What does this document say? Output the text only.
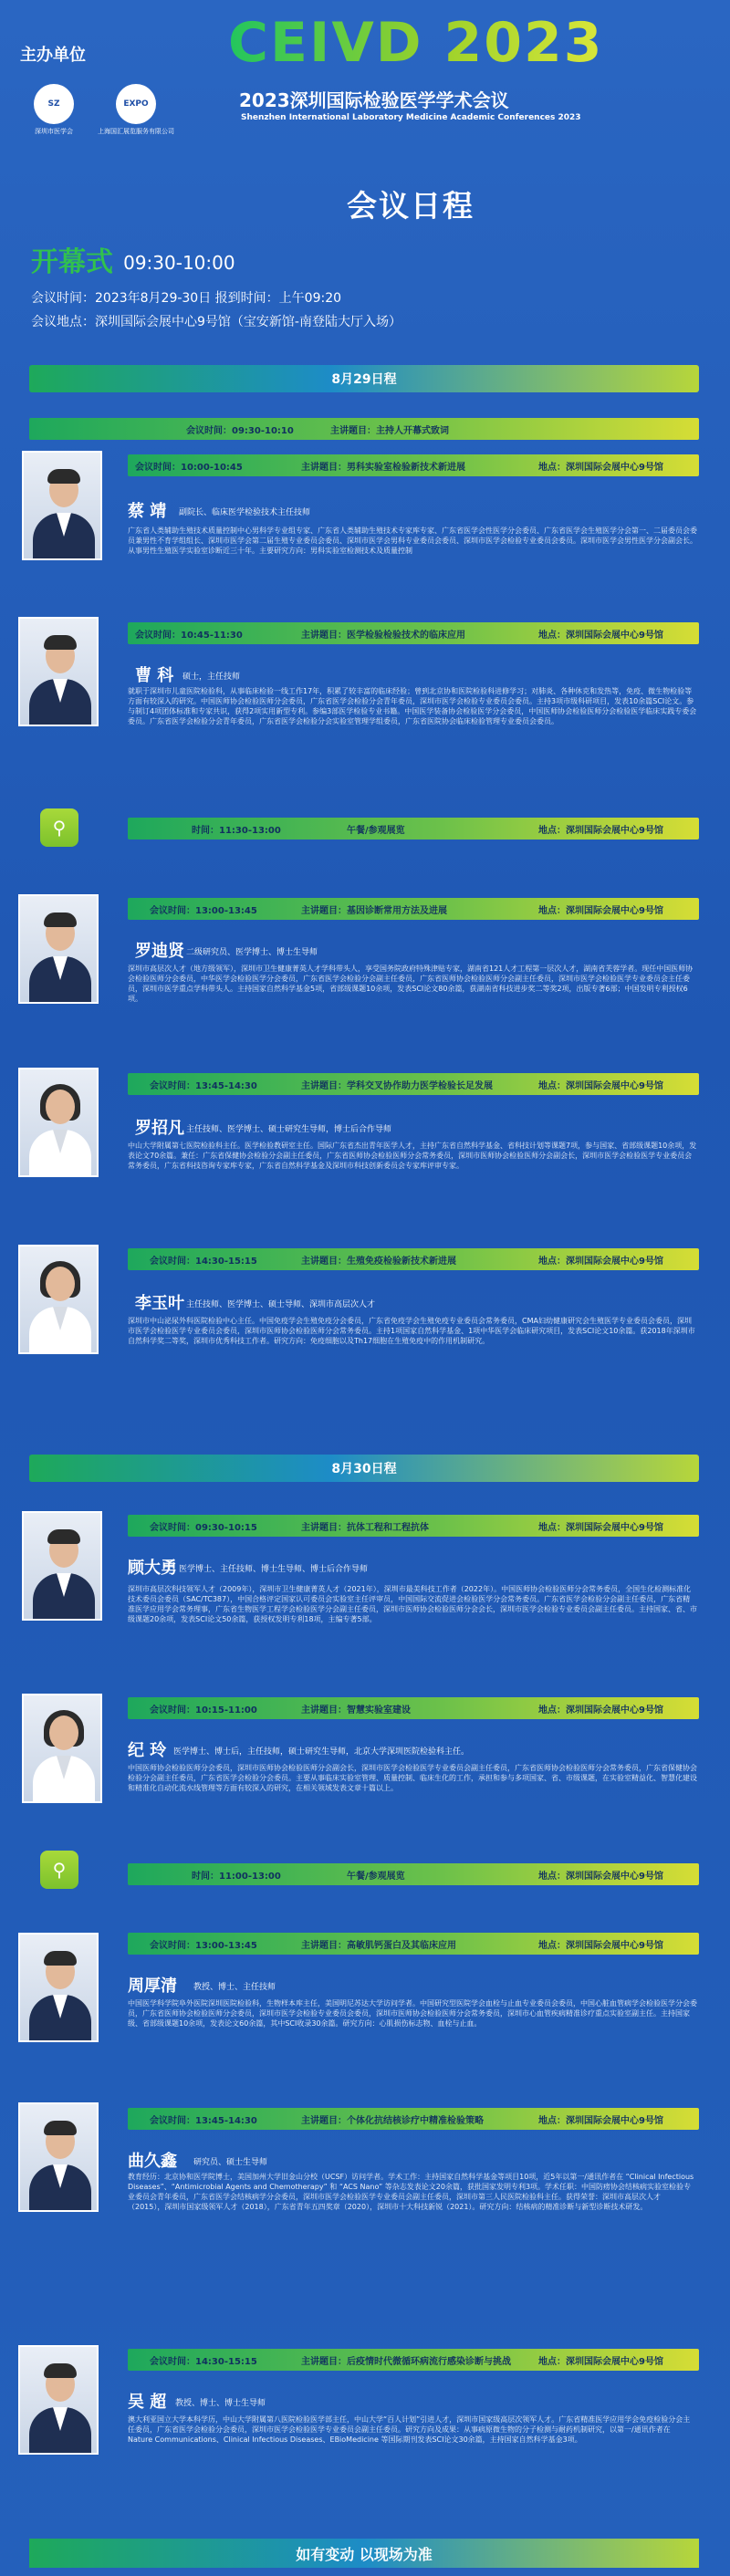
主办单位
SZ
深圳市医学会
EXPO
上海国汇展览服务有限公司
CEIVD 2023
2023深圳国际检验医学学术会议
Shenzhen International Laboratory Medicine Academic Conferences 2023
会议日程
开幕式 09:30-10:00
会议时间：2023年8月29-30日 报到时间：上午09:20
会议地点：深圳国际会展中心9号馆（宝安新馆-南登陆大厅入场）
8月29日程
会议时间：09:30-10:10	主讲题目：主持人开幕式致词
会议时间：10:00-10:45	主讲题目：男科实验室检验新技术新进展	地点：深圳国际会展中心9号馆
蔡 靖 副院长、临床医学检验技术主任技师
广东省人类辅助生殖技术质量控制中心男科学专业组专家、广东省人类辅助生殖技术专家库专家、广东省医学会性医学分会委员、广东省医学会生殖医学分会第一、二届委员会委员兼男性不育学组组长、深圳市医学会第二届生殖专业委员会委员、深圳市医学会男科专业委员会委员、深圳市医学会检验专业委员会委员。深圳市医学会男性医学分会副会长。从事男性生殖医学实验室诊断近三十年。主要研究方向：男科实验室检测技术及质量控制
会议时间：10:45-11:30	主讲题目：医学检验检验技术的临床应用	地点：深圳国际会展中心9号馆
曹 科 硕士，主任技师
就职于深圳市儿童医院检验科，从事临床检验一线工作17年，积累了较丰富的临床经验；曾到北京协和医院检验科进修学习；对肺炎、各种休克和发热等，免疫、微生物检验等方面有较深入的研究。中国医师协会检验医师分会委员，广东省医学会检验分会青年委员，深圳市医学会检验专业委员会委员。主持3项市级科研项目，发表10余篇SCI论文。参与制订4项团体标准和专家共识，获得2项实用新型专利。参编3部医学检验专业书籍。中国医学装备协会检验医学分会委员，中国医师协会检验医师分会检验医学临床实践专委会委员。广东省医学会检验分会青年委员，广东省医学会检验分会实验室管理学组委员，广东省医院协会临床检验管理专业委员会委员。
⚲	时间：11:30-13:00	午餐/参观展览	地点：深圳国际会展中心9号馆
会议时间：13:00-13:45	主讲题目：基因诊断常用方法及进展	地点：深圳国际会展中心9号馆
罗迪贤 二级研究员、医学博士、博士生导师
深圳市高层次人才（地方级领军），深圳市卫生健康菁英人才学科带头人，享受国务院政府特殊津贴专家，湖南省121人才工程第一层次人才，湖南省芙蓉学者。现任中国医师协会检验医师分会委员，中华医学会检验医学分会委员，广东省医学会检验分会副主任委员，广东省医师协会检验医师分会副主任委员，深圳市医学会检验医学专业委员会主任委员，深圳市医学重点学科带头人。主持国家自然科学基金5项，省部级课题10余项，发表SCI论文80余篇，获湖南省科技进步奖二等奖2项，出版专著6部；中国发明专利授权6项。
会议时间：13:45-14:30	主讲题目：学科交叉协作助力医学检验长足发展	地点：深圳国际会展中心9号馆
罗招凡 主任技师、医学博士、硕士研究生导师，博士后合作导师
中山大学附属第七医院检验科主任。医学检验教研室主任。国际广东省杰出青年医学人才，主持广东省自然科学基金、省科技计划等课题7项，参与国家、省部级课题10余项，发表论文70余篇。兼任：广东省保健协会检验分会副主任委员，广东省医师协会检验医师分会常务委员，深圳市医师协会检验医师分会副会长，深圳市医学会检验医学专业委员会常务委员，广东省科技咨询专家库专家，广东省自然科学基金及深圳市科技创新委员会专家库评审专家。
会议时间：14:30-15:15	主讲题目：生殖免疫检验新技术新进展	地点：深圳国际会展中心9号馆
李玉叶 主任技师、医学博士、硕士导师、深圳市高层次人才
深圳市中山泌尿外科医院检验中心主任。中国免疫学会生殖免疫分会委员，广东省免疫学会生殖免疫专业委员会常务委员，CMA妇幼健康研究会生殖医学专业委员会委员，深圳市医学会检验医学专业委员会委员，深圳市医师协会检验医师分会常务委员。主持1项国家自然科学基金、1项中华医学会临床研究项目，发表SCI论文10余篇。获2018年深圳市自然科学奖二等奖，深圳市优秀科技工作者。研究方向：免疫细胞以及Th17细胞在生殖免疫中的作用机制研究。
8月30日程
会议时间：09:30-10:15	主讲题目：抗体工程和工程抗体	地点：深圳国际会展中心9号馆
顾大勇 医学博士、主任技师、博士生导师、博士后合作导师
深圳市高层次科技领军人才（2009年），深圳市卫生健康菁英人才（2021年），深圳市最美科技工作者（2022年）。中国医师协会检验医师分会常务委员，全国生化检测标准化技术委员会委员（SAC/TC387），中国合格评定国家认可委员会实验室主任评审员，中国国际交流促进会检验医学分会常务委员。广东省医学会检验分会副主任委员，广东省精准医学应用学会常务理事，广东省生物医学工程学会检验医学分会副主任委员，深圳市医师协会检验医师分会会长，深圳市医学会检验专业委员会副主任委员。主持国家、省、市级课题20余项，发表SCI论文50余篇，获授权发明专利18项，主编专著5部。
会议时间：10:15-11:00	主讲题目：智慧实验室建设	地点：深圳国际会展中心9号馆
纪 玲 医学博士、博士后，主任技师，硕士研究生导师，北京大学深圳医院检验科主任。
中国医师协会检验医师分会委员，深圳市医师协会检验医师分会副会长，深圳市医学会检验医学专业委员会副主任委员，广东省医师协会检验医师分会常务委员，广东省保健协会检验分会副主任委员，广东省医学会检验分会委员。主要从事临床实验室管理、质量控制、临床生化的工作，承担和参与多项国家、省、市级课题，在实验室精益化、智慧化建设和精准化自动化流水线管理等方面有较深入的研究，在相关领域发表文章十篇以上。
⚲	时间：11:00-13:00	午餐/参观展览	地点：深圳国际会展中心9号馆
会议时间：13:00-13:45	主讲题目：高敏肌钙蛋白及其临床应用	地点：深圳国际会展中心9号馆
周厚清 教授、博士、主任技师
中国医学科学院阜外医院深圳医院检验科，生物样本库主任，美国明尼苏达大学访问学者。中国研究型医院学会血栓与止血专业委员会委员，中国心脏血管病学会检验医学分会委员，广东省医师协会检验医师分会委员，深圳市医学会检验专业委员会委员，深圳市医师协会检验医师分会常务委员，深圳市心血管疾病精准诊疗重点实验室副主任。主持国家级、省部级课题10余项，发表论文60余篇，其中SCI收录30余篇。研究方向：心肌损伤标志物、血栓与止血。
会议时间：13:45-14:30	主讲题目：个体化抗结核诊疗中精准检验策略	地点：深圳国际会展中心9号馆
曲久鑫 研究员、硕士生导师
教育经历：北京协和医学院博士，美国加州大学旧金山分校（UCSF）访问学者。学术工作：主持国家自然科学基金等项目10项，近5年以第一/通讯作者在 “Clinical Infectious Diseases”、“Antimicrobial Agents and Chemotherapy” 和 “ACS Nano” 等杂志发表论文20余篇，获批国家发明专利3项。学术任职：中国防痨协会结核病实验室检验专业委员会青年委员，广东省医学会结核病学分会委员，深圳市医学会检验医学专业委员会副主任委员，深圳市第三人民医院检验科主任。获得荣誉：深圳市高层次人才（2015），深圳市国家级领军人才（2018），广东省青年五四奖章（2020），深圳市十大科技新锐（2021）。研究方向：结核病的精准诊断与新型诊断技术研发。
会议时间：14:30-15:15	主讲题目：后疫情时代微循环病流行感染诊断与挑战	地点：深圳国际会展中心9号馆
吴 超 教授、博士、博士生导师
澳大利亚国立大学本科学历，中山大学附属第八医院检验医学部主任，中山大学“百人计划”引进人才，深圳市国家级高层次领军人才。广东省精准医学应用学会免疫检验分会主任委员，广东省医学会检验分会委员，深圳市医学会检验医学专业委员会副主任委员。研究方向及成果：从事病原微生物的分子检测与耐药机制研究，以第一/通讯作者在 Nature Communications、Clinical Infectious Diseases、EBioMedicine 等国际期刊发表SCI论文30余篇，主持国家自然科学基金3项。
如有变动 以现场为准
